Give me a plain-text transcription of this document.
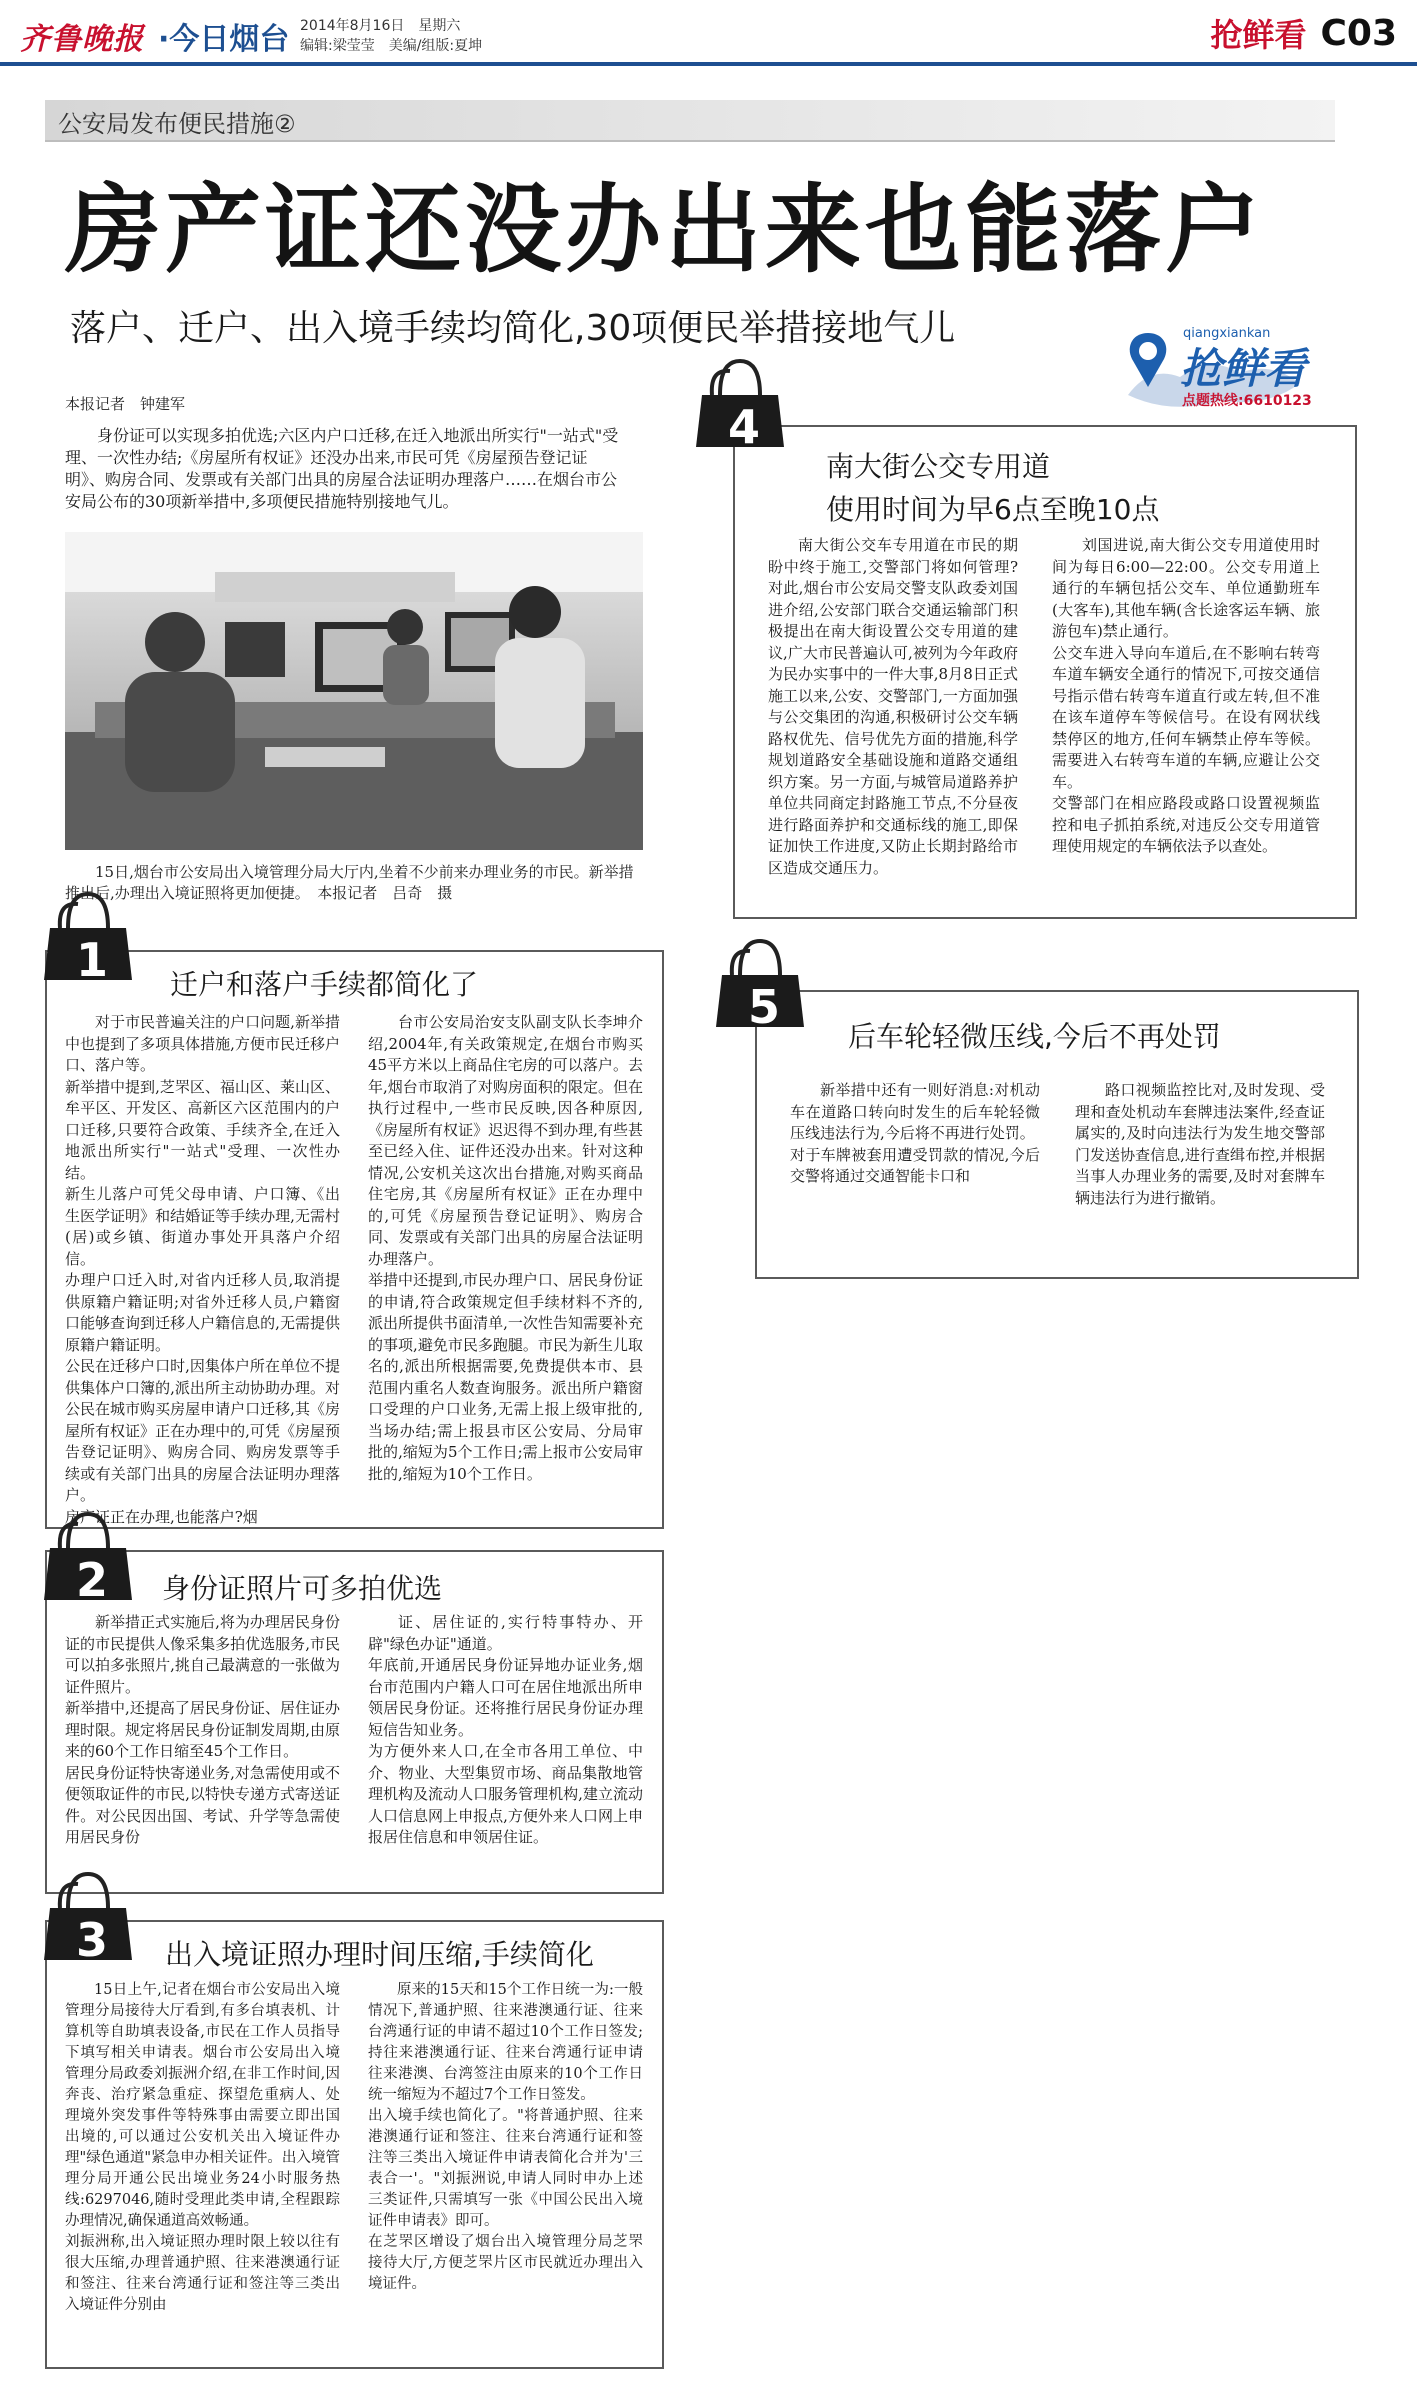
齐鲁晚报 ·今日烟台 2014年8月16日　星期六
编辑:梁莹莹　美编/组版:夏坤	抢鲜看 C03
公安局发布便民措施②
房产证还没办出来也能落户
落户、迁户、出入境手续均简化,30项便民举措接地气儿	qiangxiankan
抢鲜看
点题热线:6610123
本报记者　钟建军
身份证可以实现多拍优选;六区内户口迁移,在迁入地派出所实行"一站式"受理、一次性办结;《房屋所有权证》还没办出来,市民可凭《房屋预告登记证明》、购房合同、发票或有关部门出具的房屋合法证明办理落户……在烟台市公安局公布的30项新举措中,多项便民措施特别接地气儿。
15日,烟台市公安局出入境管理分局大厅内,坐着不少前来办理业务的市民。新举措推出后,办理出入境证照将更加便捷。　本报记者　吕奇　摄
4
南大街公交专用道
使用时间为早6点至晚10点
南大街公交车专用道在市民的期盼中终于施工,交警部门将如何管理?对此,烟台市公安局交警支队政委刘国进介绍,公安部门联合交通运输部门积极提出在南大街设置公交专用道的建议,广大市民普遍认可,被列为今年政府为民办实事中的一件大事,8月8日正式施工以来,公安、交警部门,一方面加强与公交集团的沟通,积极研讨公交车辆路权优先、信号优先方面的措施,科学规划道路安全基础设施和道路交通组织方案。另一方面,与城管局道路养护单位共同商定封路施工节点,不分昼夜进行路面养护和交通标线的施工,即保证加快工作进度,又防止长期封路给市区造成交通压力。
刘国进说,南大街公交专用道使用时间为每日6:00—22:00。公交专用道上通行的车辆包括公交车、单位通勤班车(大客车),其他车辆(含长途客运车辆、旅游包车)禁止通行。
公交车进入导向车道后,在不影响右转弯车道车辆安全通行的情况下,可按交通信号指示借右转弯车道直行或左转,但不准在该车道停车等候信号。在设有网状线禁停区的地方,任何车辆禁止停车等候。需要进入右转弯车道的车辆,应避让公交车。
交警部门在相应路段或路口设置视频监控和电子抓拍系统,对违反公交专用道管理使用规定的车辆依法予以查处。
5
后车轮轻微压线,今后不再处罚
新举措中还有一则好消息:对机动车在道路口转向时发生的后车轮轻微压线违法行为,今后将不再进行处罚。
对于车牌被套用遭受罚款的情况,今后交警将通过交通智能卡口和
路口视频监控比对,及时发现、受理和查处机动车套牌违法案件,经查证属实的,及时向违法行为发生地交警部门发送协查信息,进行查缉布控,并根据当事人办理业务的需要,及时对套牌车辆违法行为进行撤销。
1 迁户和落户手续都简化了
对于市民普遍关注的户口问题,新举措中也提到了多项具体措施,方便市民迁移户口、落户等。
新举措中提到,芝罘区、福山区、莱山区、牟平区、开发区、高新区六区范围内的户口迁移,只要符合政策、手续齐全,在迁入地派出所实行"一站式"受理、一次性办结。
新生儿落户可凭父母申请、户口簿、《出生医学证明》和结婚证等手续办理,无需村(居)或乡镇、街道办事处开具落户介绍信。
办理户口迁入时,对省内迁移人员,取消提供原籍户籍证明;对省外迁移人员,户籍窗口能够查询到迁移人户籍信息的,无需提供原籍户籍证明。
公民在迁移户口时,因集体户所在单位不提供集体户口簿的,派出所主动协助办理。对公民在城市购买房屋申请户口迁移,其《房屋所有权证》正在办理中的,可凭《房屋预告登记证明》、购房合同、购房发票等手续或有关部门出具的房屋合法证明办理落户。
房产证正在办理,也能落户?烟
台市公安局治安支队副支队长李坤介绍,2004年,有关政策规定,在烟台市购买45平方米以上商品住宅房的可以落户。去年,烟台市取消了对购房面积的限定。但在执行过程中,一些市民反映,因各种原因,《房屋所有权证》迟迟得不到办理,有些甚至已经入住、证件还没办出来。针对这种情况,公安机关这次出台措施,对购买商品住宅房,其《房屋所有权证》正在办理中的,可凭《房屋预告登记证明》、购房合同、发票或有关部门出具的房屋合法证明办理落户。
举措中还提到,市民办理户口、居民身份证的申请,符合政策规定但手续材料不齐的,派出所提供书面清单,一次性告知需要补充的事项,避免市民多跑腿。市民为新生儿取名的,派出所根据需要,免费提供本市、县范围内重名人数查询服务。派出所户籍窗口受理的户口业务,无需上报上级审批的,当场办结;需上报县市区公安局、分局审批的,缩短为5个工作日;需上报市公安局审批的,缩短为10个工作日。
2 身份证照片可多拍优选
新举措正式实施后,将为办理居民身份证的市民提供人像采集多拍优选服务,市民可以拍多张照片,挑自己最满意的一张做为证件照片。
新举措中,还提高了居民身份证、居住证办理时限。规定将居民身份证制发周期,由原来的60个工作日缩至45个工作日。
居民身份证特快寄递业务,对急需使用或不便领取证件的市民,以特快专递方式寄送证件。对公民因出国、考试、升学等急需使用居民身份
证、居住证的,实行特事特办、开辟"绿色办证"通道。
年底前,开通居民身份证异地办证业务,烟台市范围内户籍人口可在居住地派出所申领居民身份证。还将推行居民身份证办理短信告知业务。
为方便外来人口,在全市各用工单位、中介、物业、大型集贸市场、商品集散地管理机构及流动人口服务管理机构,建立流动人口信息网上申报点,方便外来人口网上申报居住信息和申领居住证。
3 出入境证照办理时间压缩,手续简化
15日上午,记者在烟台市公安局出入境管理分局接待大厅看到,有多台填表机、计算机等自助填表设备,市民在工作人员指导下填写相关申请表。烟台市公安局出入境管理分局政委刘振洲介绍,在非工作时间,因奔丧、治疗紧急重症、探望危重病人、处理境外突发事件等特殊事由需要立即出国出境的,可以通过公安机关出入境证件办理"绿色通道"紧急申办相关证件。出入境管理分局开通公民出境业务24小时服务热线:6297046,随时受理此类申请,全程跟踪办理情况,确保通道高效畅通。
刘振洲称,出入境证照办理时限上较以往有很大压缩,办理普通护照、往来港澳通行证和签注、往来台湾通行证和签注等三类出入境证件分别由
原来的15天和15个工作日统一为:一般情况下,普通护照、往来港澳通行证、往来台湾通行证的申请不超过10个工作日签发;持往来港澳通行证、往来台湾通行证申请往来港澳、台湾签注由原来的10个工作日统一缩短为不超过7个工作日签发。
出入境手续也简化了。"将普通护照、往来港澳通行证和签注、往来台湾通行证和签注等三类出入境证件申请表简化合并为'三表合一'。"刘振洲说,申请人同时申办上述三类证件,只需填写一张《中国公民出入境证件申请表》即可。
在芝罘区增设了烟台出入境管理分局芝罘接待大厅,方便芝罘片区市民就近办理出入境证件。
